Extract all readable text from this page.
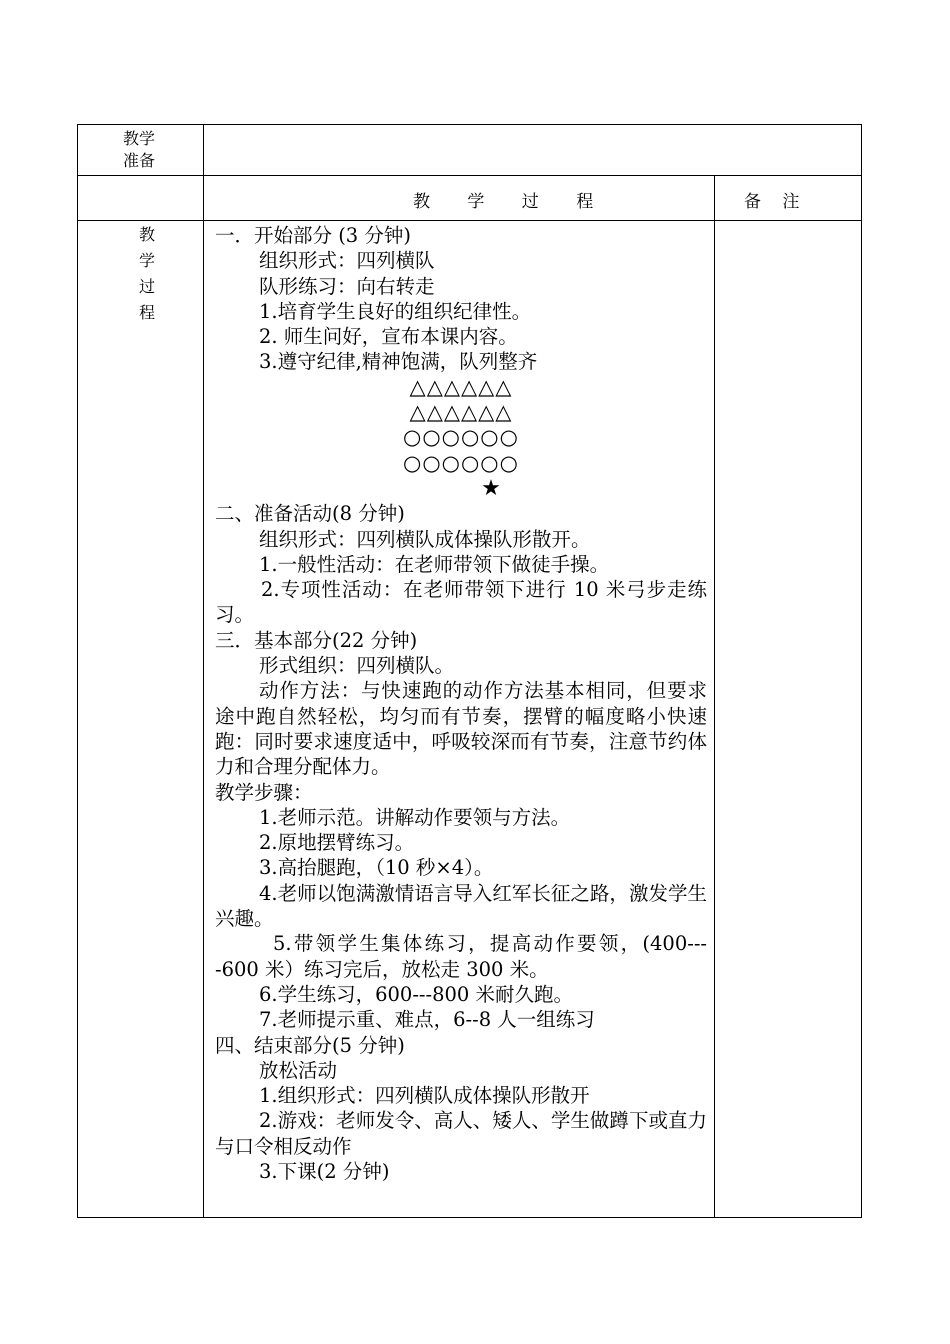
教学
准备
教 学 过 程	备 注
教
学
过
程
一．开始部分 (3 分钟)
组织形式：四列横队
队形练习：向右转走
1.培育学生良好的组织纪律性。
2. 师生问好，宣布本课内容。
3.遵守纪律,精神饱满，队列整齐
△△△△△△
△△△△△△
○○○○○○
○○○○○○
★
二、准备活动(8 分钟)
组织形式：四列横队成体操队形散开。
1.一般性活动：在老师带领下做徒手操。
2.专项性活动：在老师带领下进行 10 米弓步走练习。
三．基本部分(22 分钟)
形式组织：四列横队。
动作方法：与快速跑的动作方法基本相同，但要求途中跑自然轻松，均匀而有节奏，摆臂的幅度略小快速跑：同时要求速度适中，呼吸较深而有节奏，注意节约体力和合理分配体力。
教学步骤：
1.老师示范。讲解动作要领与方法。
2.原地摆臂练习。
3.高抬腿跑，（10 秒×4）。
4.老师以饱满激情语言导入红军长征之路，激发学生兴趣。
5.带领学生集体练习，提高动作要领，(400----600 米）练习完后，放松走 300 米。
6.学生练习，600---800 米耐久跑。
7.老师提示重、难点，6--8 人一组练习
四、结束部分(5 分钟)
放松活动
1.组织形式：四列横队成体操队形散开
2.游戏：老师发令、高人、矮人、学生做蹲下或直力与口令相反动作
3.下课(2 分钟)
